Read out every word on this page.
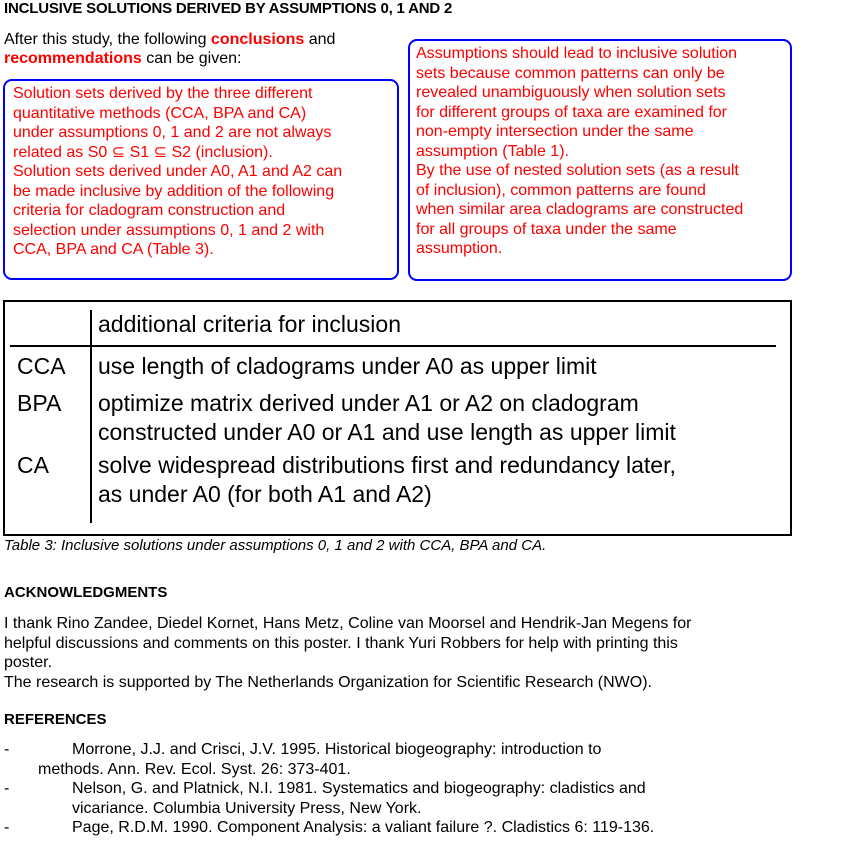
INCLUSIVE SOLUTIONS DERIVED BY ASSUMPTIONS 0, 1 AND 2
After this study, the following conclusions and
recommendations can be given:
Solution sets derived by the three different
quantitative methods (CCA, BPA and CA)
under assumptions 0, 1 and 2 are not always
related as S0 ⊆ S1 ⊆ S2 (inclusion).
Solution sets derived under A0, A1 and A2 can
be made inclusive by addition of the following
criteria for cladogram construction and
selection under assumptions 0, 1 and 2 with
CCA, BPA and CA (Table 3).
Assumptions should lead to inclusive solution
sets because common patterns can only be
revealed unambiguously when solution sets
for different groups of taxa are examined for
non-empty intersection under the same
assumption (Table 1).
By the use of nested solution sets (as a result
of inclusion), common patterns are found
when similar area cladograms are constructed
for all groups of taxa under the same
assumption.
additional criteria for inclusion
CCA use length of cladograms under A0 as upper limit
BPA optimize matrix derived under A1 or A2 on cladogram
constructed under A0 or A1 and use length as upper limit
CA solve widespread distributions first and redundancy later,
as under A0 (for both A1 and A2)
Table 3: Inclusive solutions under assumptions 0, 1 and 2 with CCA, BPA and CA.
ACKNOWLEDGMENTS
I thank Rino Zandee, Diedel Kornet, Hans Metz, Coline van Moorsel and Hendrik-Jan Megens for
helpful discussions and comments on this poster. I thank Yuri Robbers for help with printing this
poster.
The research is supported by The Netherlands Organization for Scientific Research (NWO).
REFERENCES
-	Morrone, J.J. and Crisci, J.V. 1995. Historical biogeography: introduction to
methods. Ann. Rev. Ecol. Syst. 26: 373-401.
-	Nelson, G. and Platnick, N.I. 1981. Systematics and biogeography: cladistics and
vicariance. Columbia University Press, New York.
-	Page, R.D.M. 1990. Component Analysis: a valiant failure ?. Cladistics 6: 119-136.
